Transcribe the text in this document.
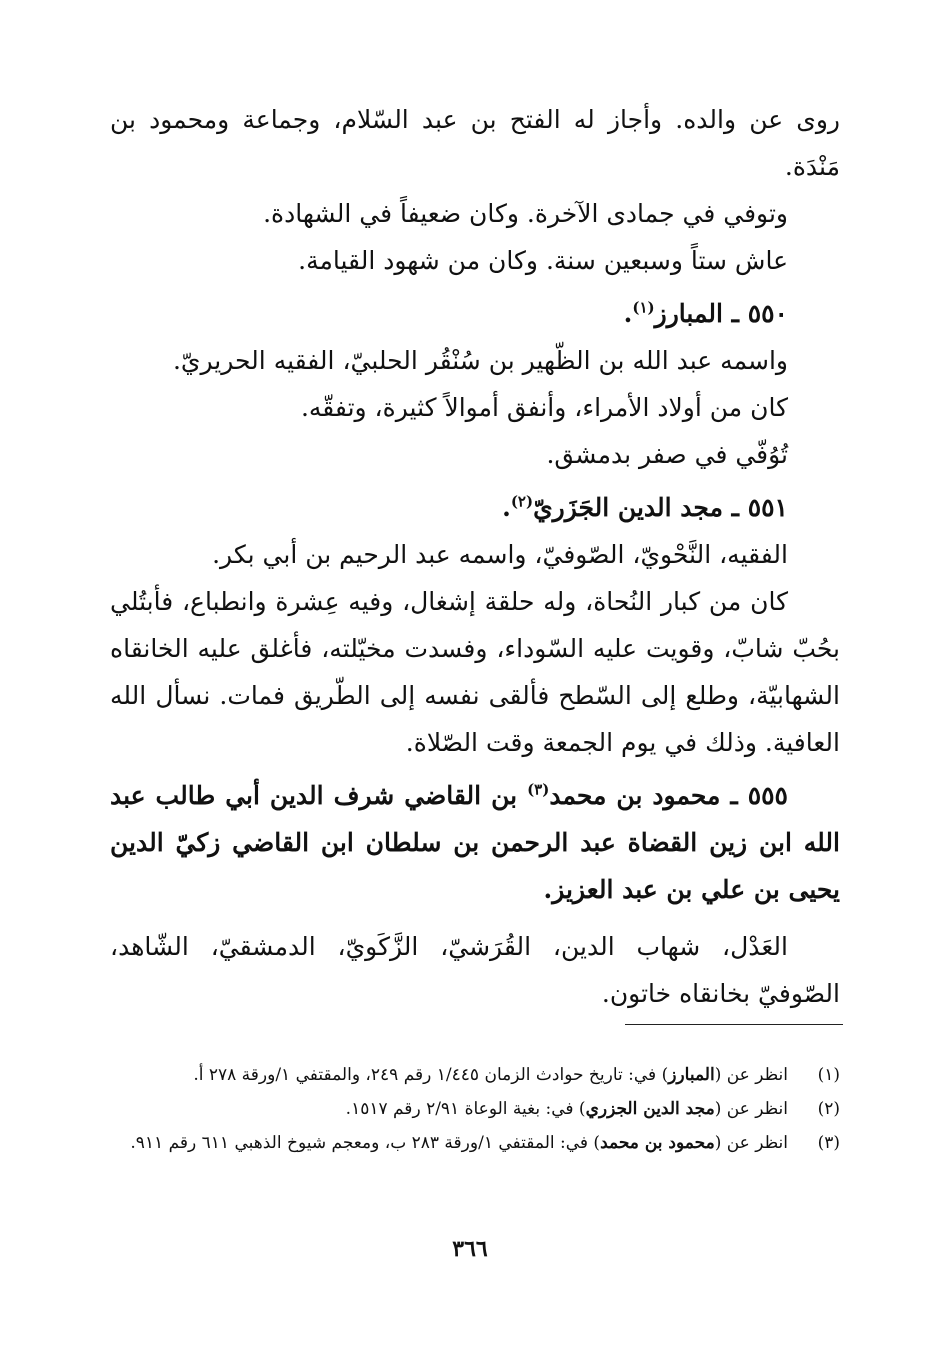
روى عن والده. وأجاز له الفتح بن عبد السّلام، وجماعة ومحمود بن مَنْدَة.

وتوفي في جمادى الآخرة. وكان ضعيفاً في الشهادة.

عاش ستاً وسبعين سنة. وكان من شهود القيامة.

٥٥٠ ـ المبارز$^{(١)}$.

واسمه عبد الله بن الظّهير بن سُنْقُر الحلبيّ، الفقيه الحريريّ.

كان من أولاد الأمراء، وأنفق أموالاً كثيرة، وتفقّه.

تُوُفّي في صفر بدمشق.

٥٥١ ـ مجد الدين الجَزَريّ$^{(٢)}$.

الفقيه، النَّحْويّ، الصّوفيّ، واسمه عبد الرحيم بن أبي بكر.

كان من كبار النُحاة، وله حلقة إشغال، وفيه عِشرة وانطباع، فأبتُلي بحُبّ شابّ، وقويت عليه السّوداء، وفسدت مخيّلته، فأغلق عليه الخانقاه الشهابيّة، وطلع إلى السّطح فألقى نفسه إلى الطّريق فمات. نسأل الله العافية. وذلك في يوم الجمعة وقت الصّلاة.

٥٥٥ ـ محمود بن محمد$^{(٣)}$ بن القاضي شرف الدين أبي طالب عبد الله ابن زين القضاة عبد الرحمن بن سلطان ابن القاضي زكيّ الدين يحيى بن علي بن عبد العزيز.

العَدْل، شهاب الدين، القُرَشيّ، الزَّكَويّ، الدمشقيّ، الشّاهد، الصّوفيّ بخانقاه خاتون.

(١)
انظر عن (المبارز) في: تاريخ حوادث الزمان ١/٤٤٥ رقم ٢٤٩، والمقتفي ١/ورقة ٢٧٨ أ.
(٢)
انظر عن (مجد الدين الجزري) في: بغية الوعاة ٢/٩١ رقم ١٥١٧.
(٣)
انظر عن (محمود بن محمد) في: المقتفي ١/ورقة ٢٨٣ ب، ومعجم شيوخ الذهبي ٦١١ رقم ٩١١.
٣٦٦
